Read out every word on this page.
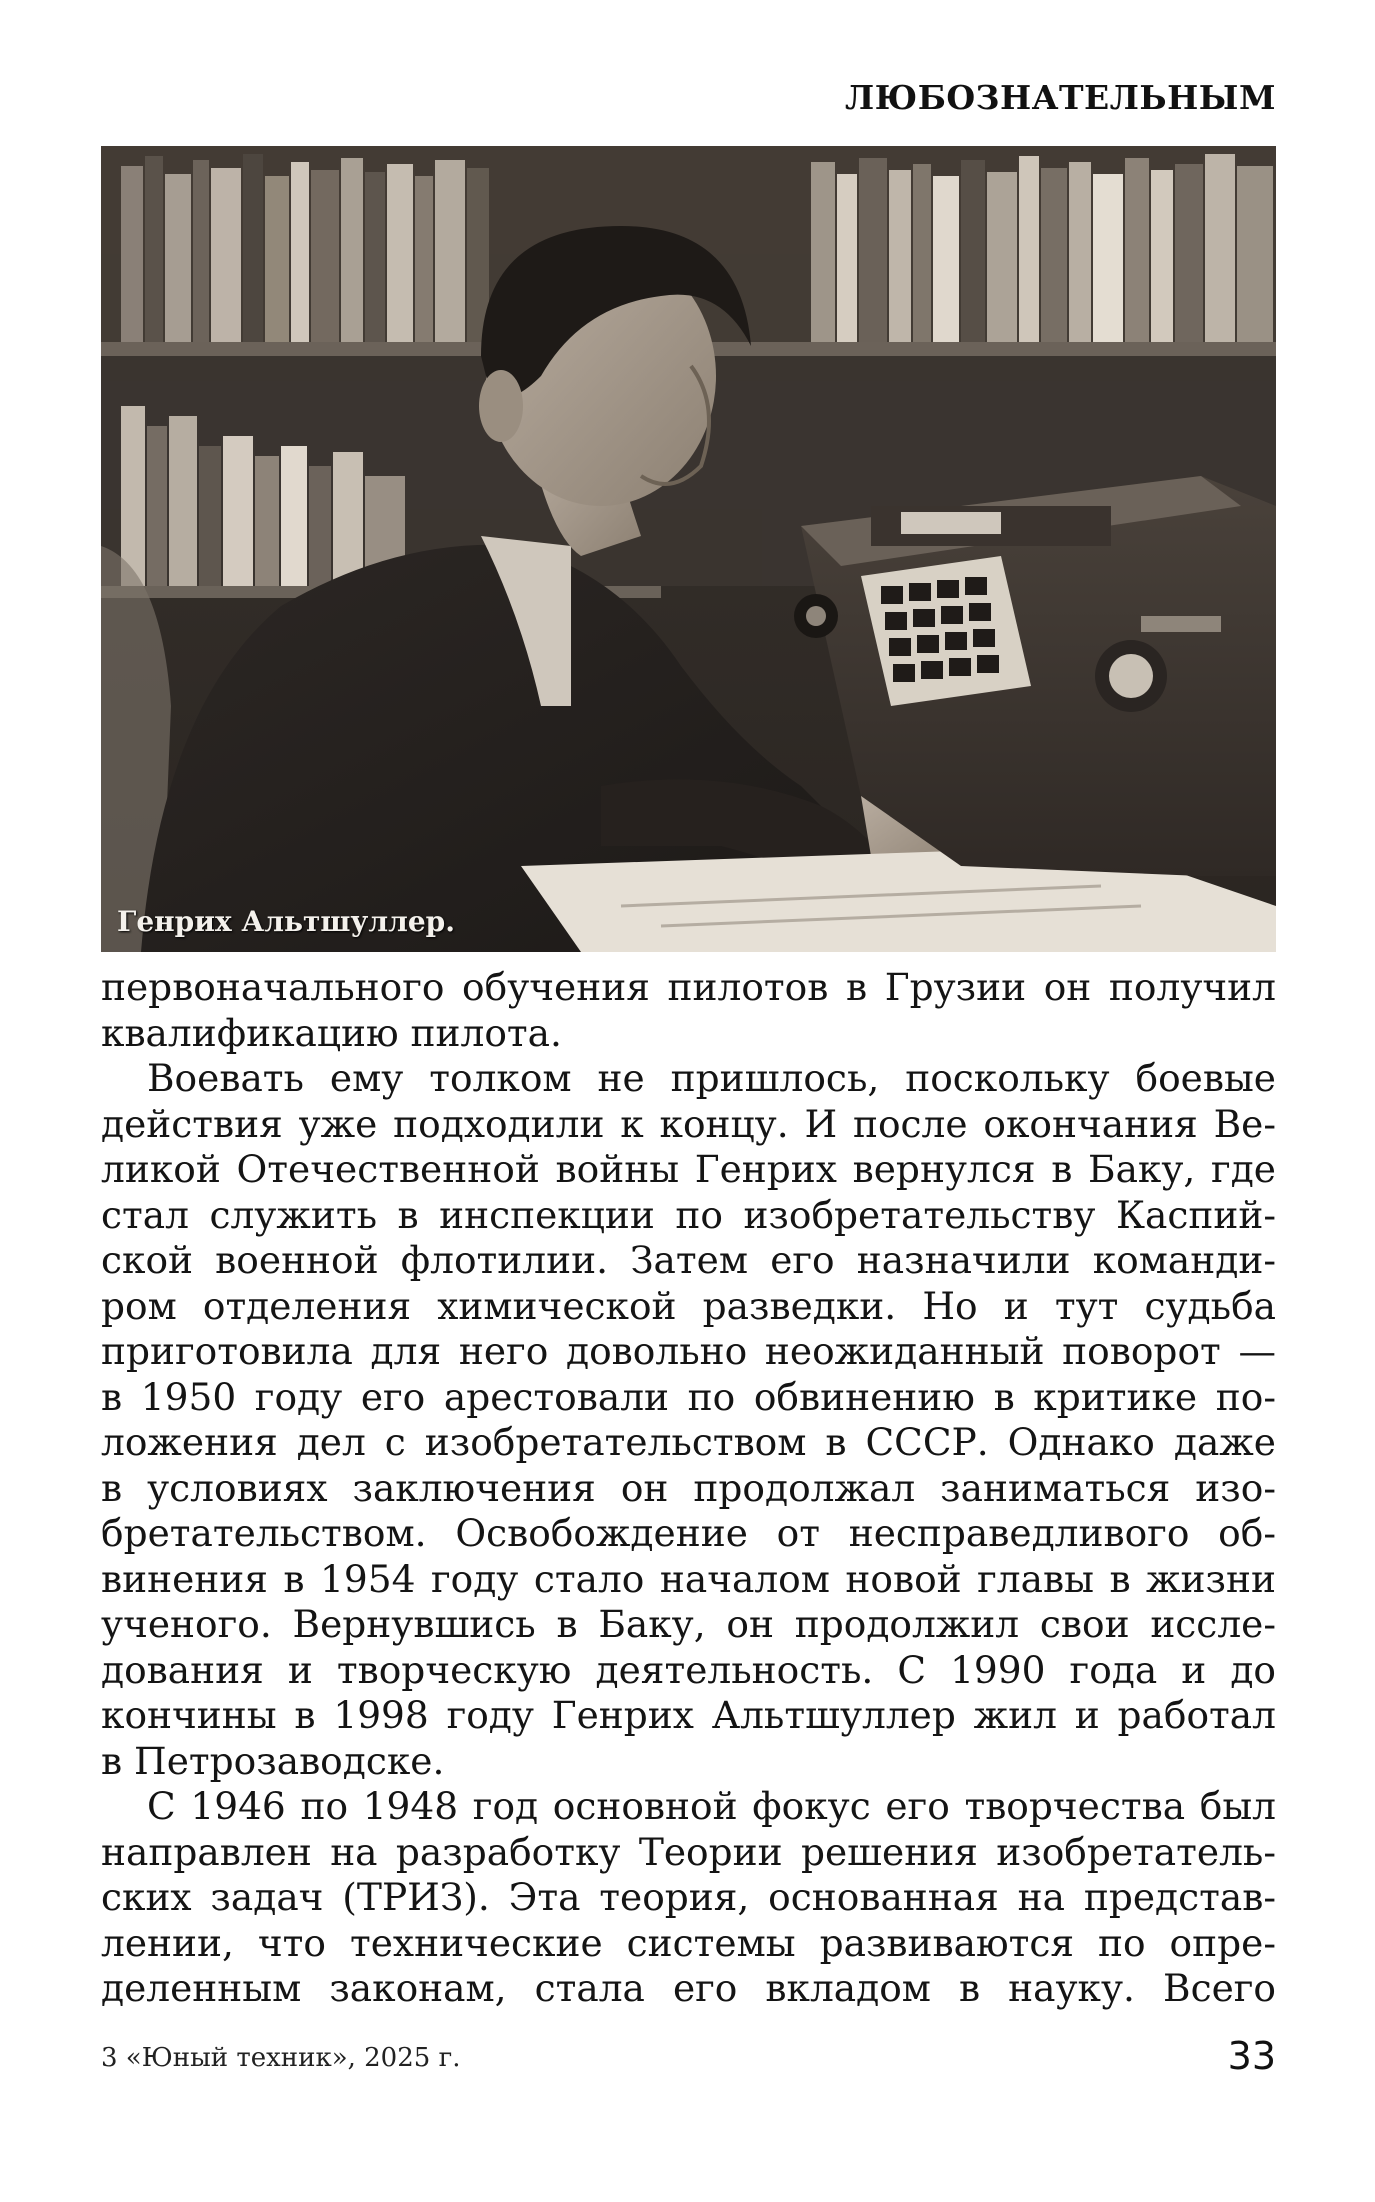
ЛЮБОЗНАТЕЛЬНЫМ
Генрих Альтшуллер.
первоначального обучения пилотов в Грузии он получил
квалификацию пилота.
Воевать ему толком не пришлось, поскольку боевые
действия уже подходили к концу. И после окончания Ве-
ликой Отечественной войны Генрих вернулся в Баку, где
стал служить в инспекции по изобретательству Каспий-
ской военной флотилии. Затем его назначили команди-
ром отделения химической разведки. Но и тут судьба
приготовила для него довольно неожиданный поворот —
в 1950 году его арестовали по обвинению в критике по-
ложения дел с изобретательством в СССР. Однако даже
в условиях заключения он продолжал заниматься изо-
бретательством. Освобождение от несправедливого об-
винения в 1954 году стало началом новой главы в жизни
ученого. Вернувшись в Баку, он продолжил свои иссле-
дования и творческую деятельность. С 1990 года и до
кончины в 1998 году Генрих Альтшуллер жил и работал
в Петрозаводске.
С 1946 по 1948 год основной фокус его творчества был
направлен на разработку Теории решения изобретатель-
ских задач (ТРИЗ). Эта теория, основанная на представ-
лении, что технические системы развиваются по опре-
деленным законам, стала его вкладом в науку. Всего
3 «Юный техник», 2025 г.	33
